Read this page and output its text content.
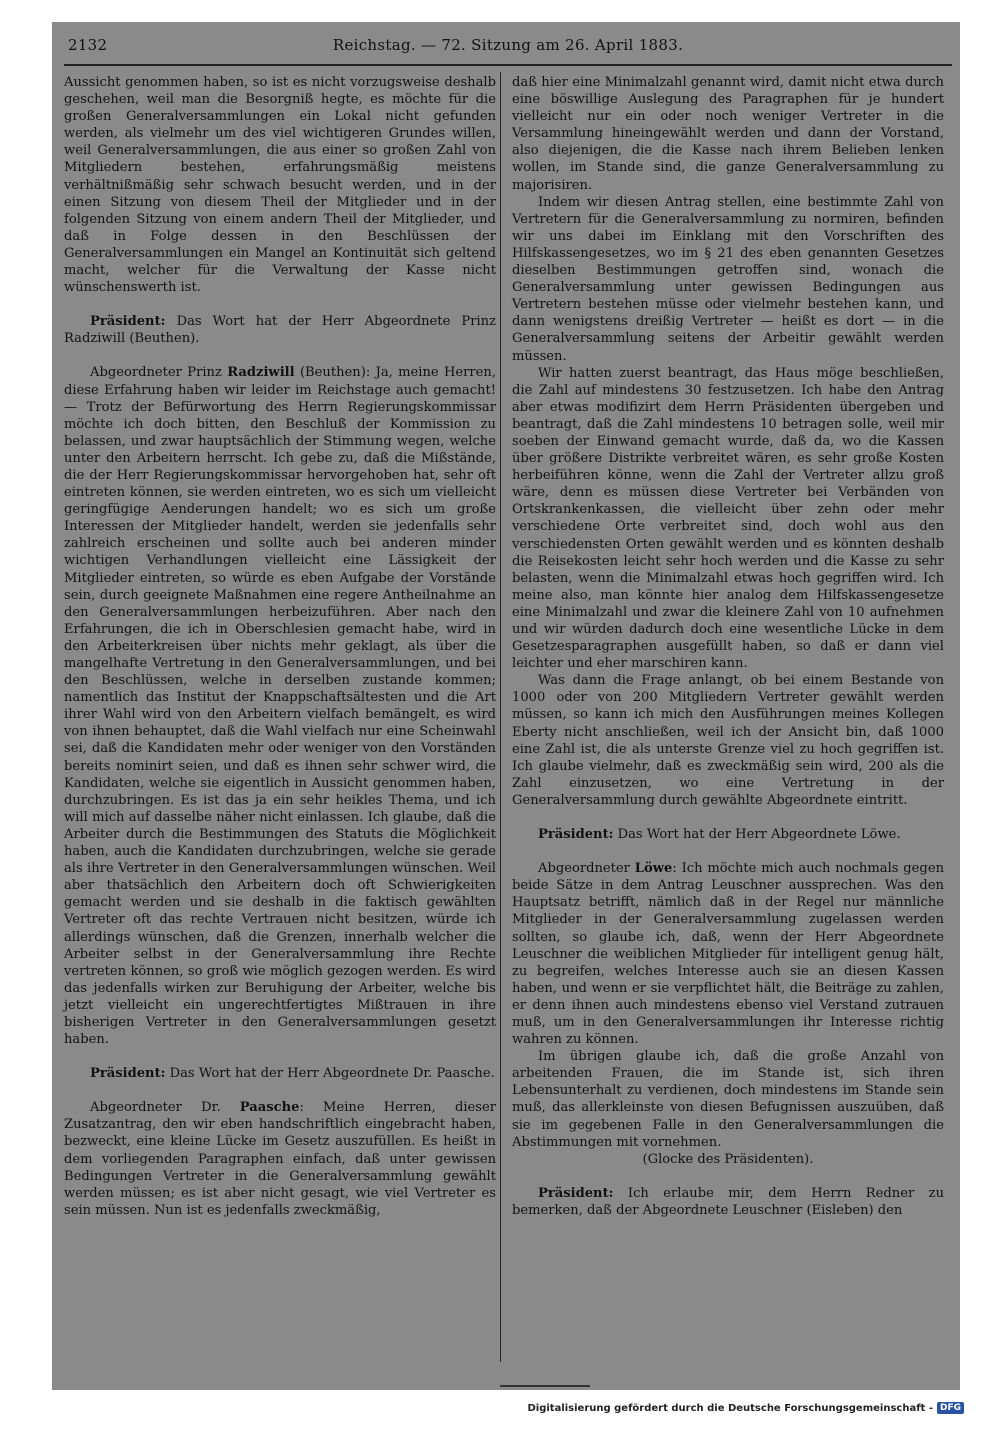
2132	Reichstag. — 72. Sitzung am 26. April 1883.

Aussicht genommen haben, so ist es nicht vorzugsweise deshalb geschehen, weil man die Besorgniß hegte, es möchte für die großen Generalversammlungen ein Lokal nicht gefunden werden, als vielmehr um des viel wichtigeren Grundes willen, weil Generalversammlungen, die aus einer so großen Zahl von Mitgliedern bestehen, erfahrungsmäßig meistens verhältnißmäßig sehr schwach besucht werden, und in der einen Sitzung von diesem Theil der Mitglieder und in der folgenden Sitzung von einem andern Theil der Mitglieder, und daß in Folge dessen in den Beschlüssen der Generalversammlungen ein Mangel an Kontinuität sich geltend macht, welcher für die Verwaltung der Kasse nicht wünschenswerth ist.

Präsident: Das Wort hat der Herr Abgeordnete Prinz Radziwill (Beuthen).

Abgeordneter Prinz Radziwill (Beuthen): Ja, meine Herren, diese Erfahrung haben wir leider im Reichstage auch gemacht! — Trotz der Befürwortung des Herrn Regierungskommissar möchte ich doch bitten, den Beschluß der Kommission zu belassen, und zwar hauptsächlich der Stimmung wegen, welche unter den Arbeitern herrscht. Ich gebe zu, daß die Mißstände, die der Herr Regierungskommissar hervorgehoben hat, sehr oft eintreten können, sie werden eintreten, wo es sich um vielleicht geringfügige Aenderungen handelt; wo es sich um große Interessen der Mitglieder handelt, werden sie jedenfalls sehr zahlreich erscheinen und sollte auch bei anderen minder wichtigen Verhandlungen vielleicht eine Lässigkeit der Mitglieder eintreten, so würde es eben Aufgabe der Vorstände sein, durch geeignete Maßnahmen eine regere Antheilnahme an den Generalversammlungen herbeizuführen. Aber nach den Erfahrungen, die ich in Oberschlesien gemacht habe, wird in den Arbeiterkreisen über nichts mehr geklagt, als über die mangelhafte Vertretung in den Generalversammlungen, und bei den Beschlüssen, welche in derselben zustande kommen; namentlich das Institut der Knappschaftsältesten und die Art ihrer Wahl wird von den Arbeitern vielfach bemängelt, es wird von ihnen behauptet, daß die Wahl vielfach nur eine Scheinwahl sei, daß die Kandidaten mehr oder weniger von den Vorständen bereits nominirt seien, und daß es ihnen sehr schwer wird, die Kandidaten, welche sie eigentlich in Aussicht genommen haben, durchzubringen. Es ist das ja ein sehr heikles Thema, und ich will mich auf dasselbe näher nicht einlassen. Ich glaube, daß die Arbeiter durch die Bestimmungen des Statuts die Möglichkeit haben, auch die Kandidaten durchzubringen, welche sie gerade als ihre Vertreter in den Generalversammlungen wünschen. Weil aber thatsächlich den Arbeitern doch oft Schwierigkeiten gemacht werden und sie deshalb in die faktisch gewählten Vertreter oft das rechte Vertrauen nicht besitzen, würde ich allerdings wünschen, daß die Grenzen, innerhalb welcher die Arbeiter selbst in der Generalversammlung ihre Rechte vertreten können, so groß wie möglich gezogen werden. Es wird das jedenfalls wirken zur Beruhigung der Arbeiter, welche bis jetzt vielleicht ein ungerechtfertigtes Mißtrauen in ihre bisherigen Vertreter in den Generalversammlungen gesetzt haben.

Präsident: Das Wort hat der Herr Abgeordnete Dr. Paasche.

Abgeordneter Dr. Paasche: Meine Herren, dieser Zusatzantrag, den wir eben handschriftlich eingebracht haben, bezweckt, eine kleine Lücke im Gesetz auszufüllen. Es heißt in dem vorliegenden Paragraphen einfach, daß unter gewissen Bedingungen Vertreter in die Generalversammlung gewählt werden müssen; es ist aber nicht gesagt, wie viel Vertreter es sein müssen. Nun ist es jedenfalls zweckmäßig,

daß hier eine Minimalzahl genannt wird, damit nicht etwa durch eine böswillige Auslegung des Paragraphen für je hundert vielleicht nur ein oder noch weniger Vertreter in die Versammlung hineingewählt werden und dann der Vorstand, also diejenigen, die die Kasse nach ihrem Belieben lenken wollen, im Stande sind, die ganze Generalversammlung zu majorisiren.

Indem wir diesen Antrag stellen, eine bestimmte Zahl von Vertretern für die Generalversammlung zu normiren, befinden wir uns dabei im Einklang mit den Vorschriften des Hilfskassengesetzes, wo im § 21 des eben genannten Gesetzes dieselben Bestimmungen getroffen sind, wonach die Generalversammlung unter gewissen Bedingungen aus Vertretern bestehen müsse oder vielmehr bestehen kann, und dann wenigstens dreißig Vertreter — heißt es dort — in die Generalversammlung seitens der Arbeitir gewählt werden müssen.

Wir hatten zuerst beantragt, das Haus möge beschließen, die Zahl auf mindestens 30 festzusetzen. Ich habe den Antrag aber etwas modifizirt dem Herrn Präsidenten übergeben und beantragt, daß die Zahl mindestens 10 betragen solle, weil mir soeben der Einwand gemacht wurde, daß da, wo die Kassen über größere Distrikte verbreitet wären, es sehr große Kosten herbeiführen könne, wenn die Zahl der Vertreter allzu groß wäre, denn es müssen diese Vertreter bei Verbänden von Ortskrankenkassen, die vielleicht über zehn oder mehr verschiedene Orte verbreitet sind, doch wohl aus den verschiedensten Orten gewählt werden und es könnten deshalb die Reisekosten leicht sehr hoch werden und die Kasse zu sehr belasten, wenn die Minimalzahl etwas hoch gegriffen wird. Ich meine also, man könnte hier analog dem Hilfskassengesetze eine Minimalzahl und zwar die kleinere Zahl von 10 aufnehmen und wir würden dadurch doch eine wesentliche Lücke in dem Gesetzesparagraphen ausgefüllt haben, so daß er dann viel leichter und eher marschiren kann.

Was dann die Frage anlangt, ob bei einem Bestande von 1000 oder von 200 Mitgliedern Vertreter gewählt werden müssen, so kann ich mich den Ausführungen meines Kollegen Eberty nicht anschließen, weil ich der Ansicht bin, daß 1000 eine Zahl ist, die als unterste Grenze viel zu hoch gegriffen ist. Ich glaube vielmehr, daß es zweckmäßig sein wird, 200 als die Zahl einzusetzen, wo eine Vertretung in der Generalversammlung durch gewählte Abgeordnete eintritt.

Präsident: Das Wort hat der Herr Abgeordnete Löwe.

Abgeordneter Löwe: Ich möchte mich auch nochmals gegen beide Sätze in dem Antrag Leuschner aussprechen. Was den Hauptsatz betrifft, nämlich daß in der Regel nur männliche Mitglieder in der Generalversammlung zugelassen werden sollten, so glaube ich, daß, wenn der Herr Abgeordnete Leuschner die weiblichen Mitglieder für intelligent genug hält, zu begreifen, welches Interesse auch sie an diesen Kassen haben, und wenn er sie verpflichtet hält, die Beiträge zu zahlen, er denn ihnen auch mindestens ebenso viel Verstand zutrauen muß, um in den Generalversammlungen ihr Interesse richtig wahren zu können.

Im übrigen glaube ich, daß die große Anzahl von arbeitenden Frauen, die im Stande ist, sich ihren Lebensunterhalt zu verdienen, doch mindestens im Stande sein muß, das allerkleinste von diesen Befugnissen auszuüben, daß sie im gegebenen Falle in den Generalversammlungen die Abstimmungen mit vornehmen.

(Glocke des Präsidenten).

Präsident: Ich erlaube mir, dem Herrn Redner zu bemerken, daß der Abgeordnete Leuschner (Eisleben) den

Digitalisierung gefördert durch die Deutsche Forschungsgemeinschaft - DFG
